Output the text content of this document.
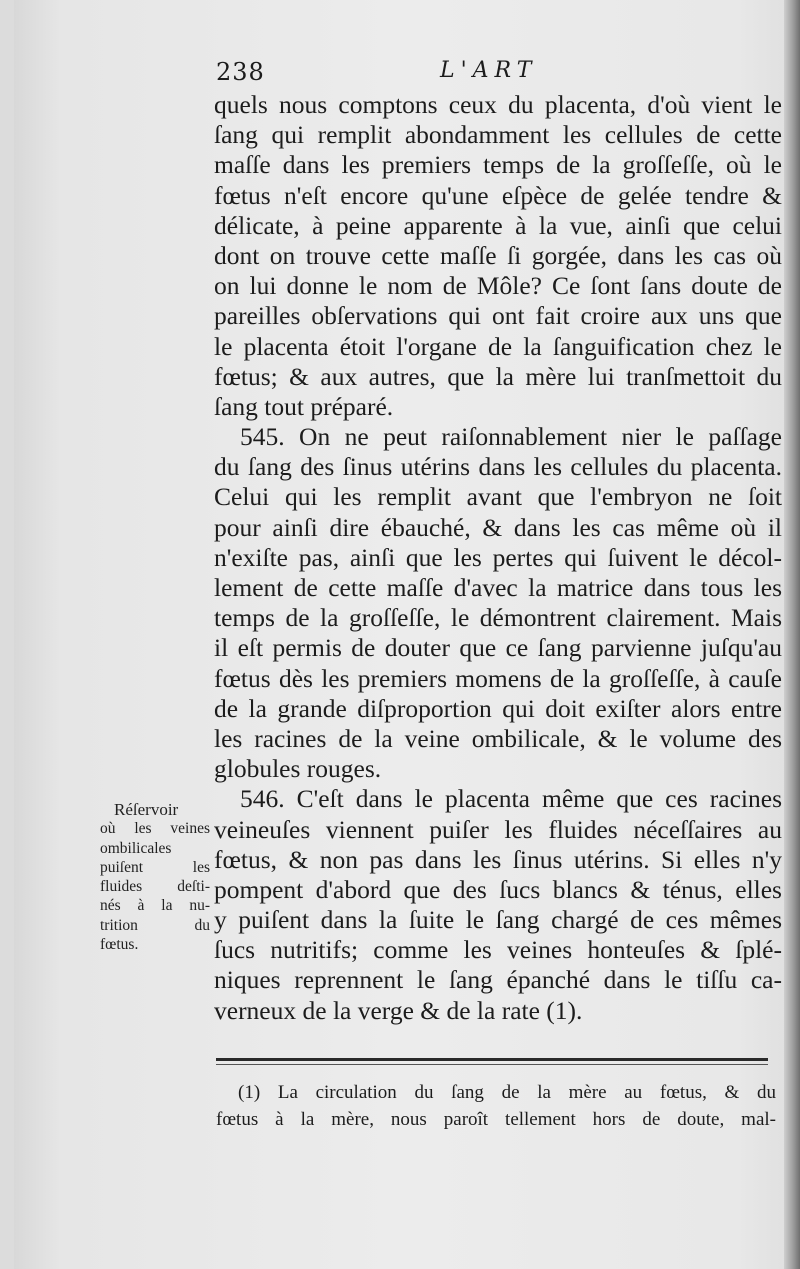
238	L'ART
quels nous comptons ceux du placenta, d'où vient le
ſang qui remplit abondamment les cellules de cette
maſſe dans les premiers temps de la groſſeſſe, où le
fœtus n'eſt encore qu'une eſpèce de gelée tendre &
délicate, à peine apparente à la vue, ainſi que celui
dont on trouve cette maſſe ſi gorgée, dans les cas où
on lui donne le nom de Môle? Ce ſont ſans doute de
pareilles obſervations qui ont fait croire aux uns que
le placenta étoit l'organe de la ſanguification chez le
fœtus; & aux autres, que la mère lui tranſmettoit du
ſang tout préparé.
545. On ne peut raiſonnablement nier le paſſage
du ſang des ſinus utérins dans les cellules du placenta.
Celui qui les remplit avant que l'embryon ne ſoit
pour ainſi dire ébauché, & dans les cas même où il
n'exiſte pas, ainſi que les pertes qui ſuivent le décol-
lement de cette maſſe d'avec la matrice dans tous les
temps de la groſſeſſe, le démontrent clairement. Mais
il eſt permis de douter que ce ſang parvienne juſqu'au
fœtus dès les premiers momens de la groſſeſſe, à cauſe
de la grande diſproportion qui doit exiſter alors entre
les racines de la veine ombilicale, & le volume des
globules rouges.
546. C'eſt dans le placenta même que ces racines
veineuſes viennent puiſer les fluides néceſſaires au
fœtus, & non pas dans les ſinus utérins. Si elles n'y
pompent d'abord que des ſucs blancs & ténus, elles
y puiſent dans la ſuite le ſang chargé de ces mêmes
ſucs nutritifs; comme les veines honteuſes & ſplé-
niques reprennent le ſang épanché dans le tiſſu ca-
verneux de la verge & de la rate (1).
Réſervoir
où les veines
ombilicales
puiſent les
fluides deſti-
nés à la nu-
trition du
fœtus.
(1) La circulation du ſang de la mère au fœtus, & du
fœtus à la mère, nous paroît tellement hors de doute, mal-
